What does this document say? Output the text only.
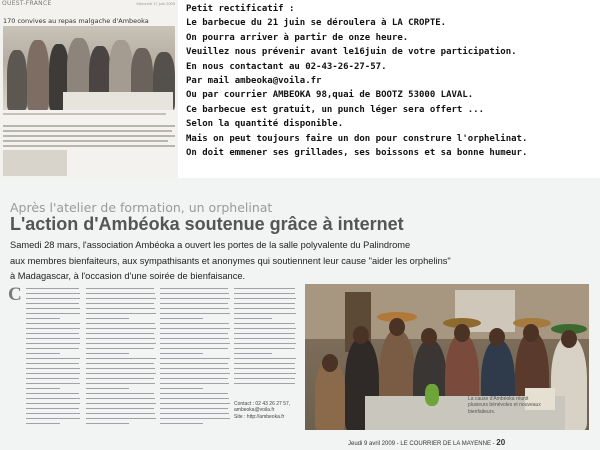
OUEST-FRANCE	Mercredi 17 juin 2009
170 convives au repas malgache d'Ambeoka
Petit rectificatif :
Le barbecue du 21 juin se déroulera à LA CROPTE.
On pourra arriver à partir de onze heure.
Veuillez nous prévenir avant le16juin de votre participation.
En nous contactant au 02-43-26-27-57.
Par mail ambeoka@voila.fr
Ou par courrier AMBEOKA 98,quai de BOOTZ 53000 LAVAL.
Ce barbecue est gratuit, un punch léger sera offert ...
Selon la quantité disponible.
Mais on peut toujours faire un don pour construre l'orphelinat.
On doit emmener ses grillades, ses boissons et sa bonne humeur.
Après l'atelier de formation, un orphelinat
L'action d'Ambéoka soutenue grâce à internet
Samedi 28 mars, l'association Ambéoka a ouvert les portes de la salle polyvalente du Palindrome
aux membres bienfaiteurs, aux sympathisants et anonymes qui soutiennent leur cause "aider les orphelins"
à Madagascar, à l'occasion d'une soirée de bienfaisance.
C
Contact : 02 43 26 27 57,
ambeoka@voila.fr
Site : http://ambeoka.fr
La cause d'Ambéoka réunit
plusieurs bénévoles et nouveaux
bienfaiteurs.
Jeudi 9 avril 2009 - LE COURRIER DE LA MAYENNE - 20
